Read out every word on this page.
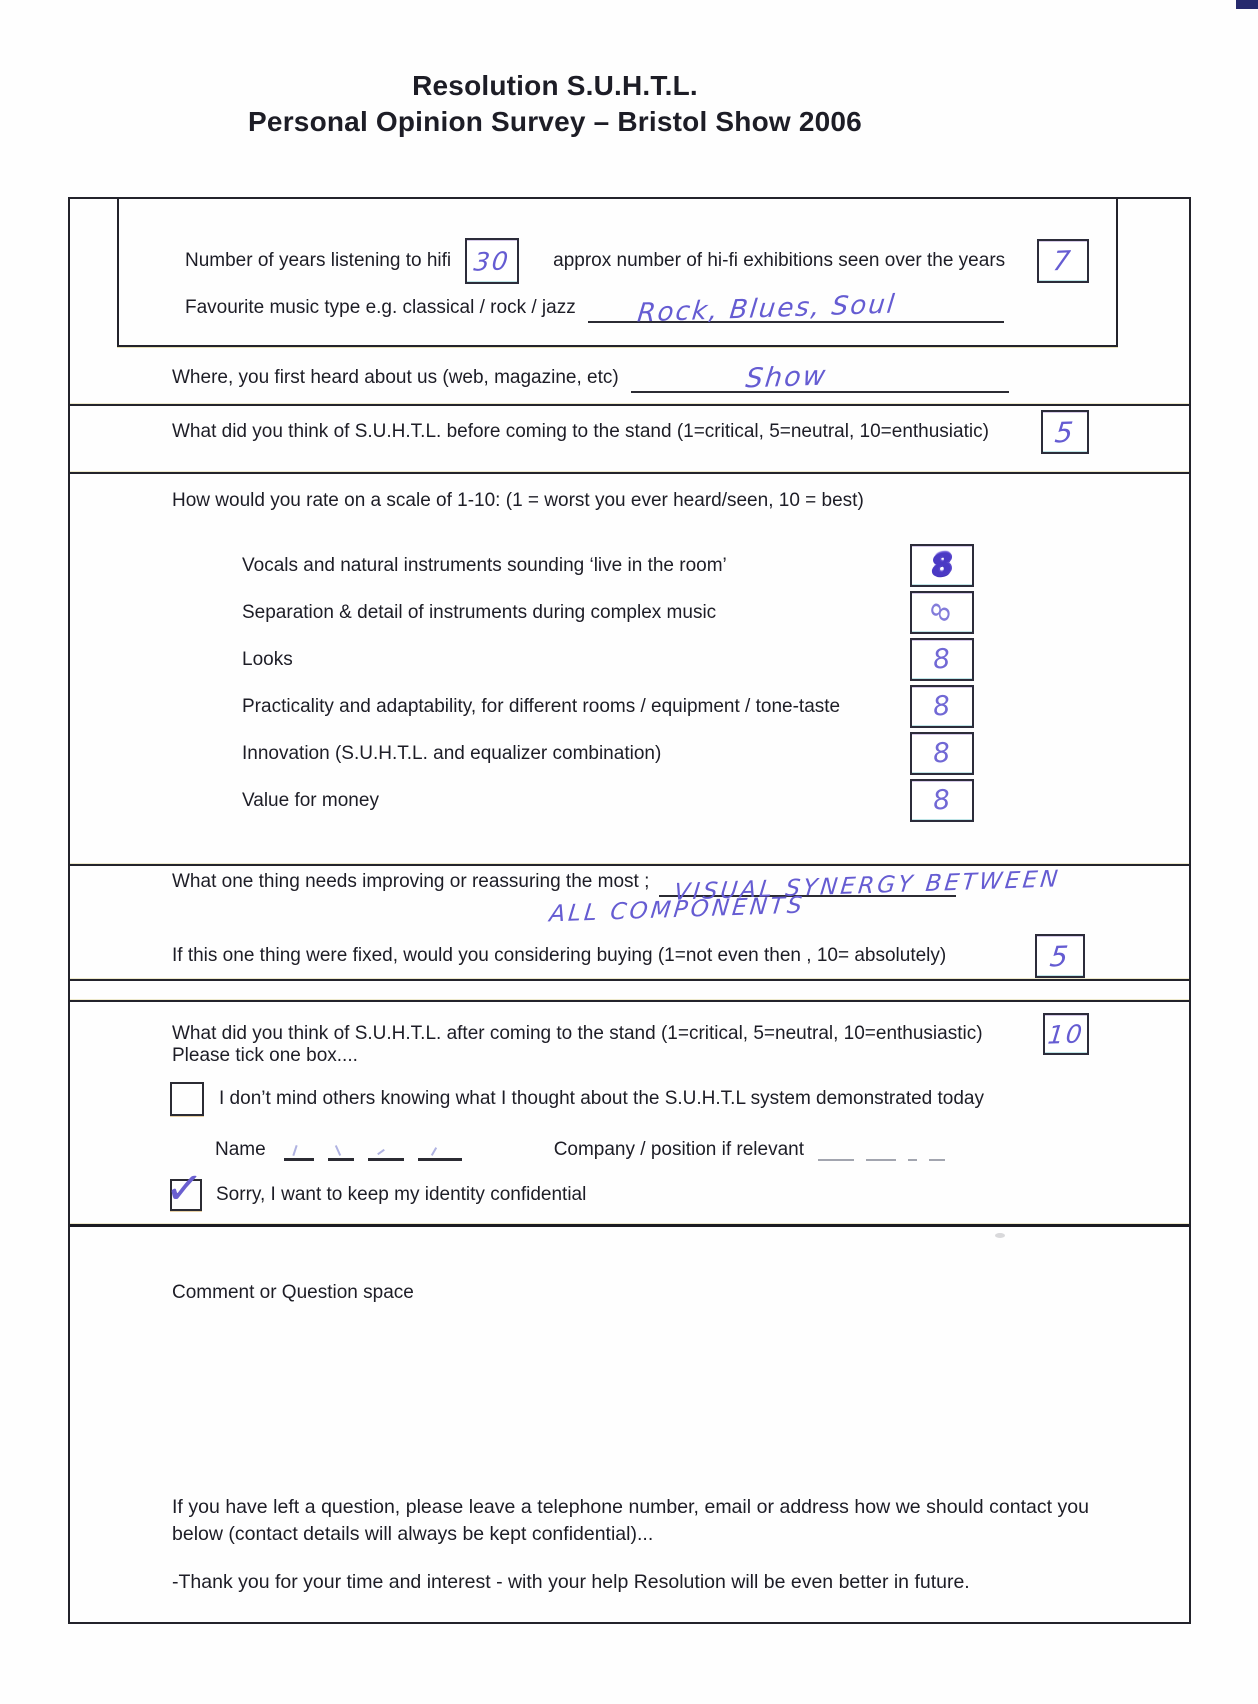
Resolution S.U.H.T.L.
Personal Opinion Survey – Bristol Show 2006
Number of years listening to hifi 30 approx number of hi-fi exhibitions seen over the years 7
Favourite music type e.g. classical / rock / jazz Rock, Blues, Soul
Where, you first heard about us (web, magazine, etc)	Show
What did you think of S.U.H.T.L. before coming to the stand (1=critical, 5=neutral, 10=enthusiatic) 5
How would you rate on a scale of 1-10: (1 = worst you ever heard/seen, 10 = best)
Vocals and natural instruments sounding ‘live in the room’	8
Separation & detail of instruments during complex music	8
Looks	8
Practicality and adaptability, for different rooms / equipment / tone-taste	8
Innovation (S.U.H.T.L. and equalizer combination)	8
Value for money	8
What one thing needs improving or reassuring the most ; VISUAL SYNERGY BETWEEN
ALL COMPONENTS
If this one thing were fixed, would you considering buying (1=not even then , 10= absolutely)	5
What did you think of S.U.H.T.L. after coming to the stand (1=critical, 5=neutral, 10=enthusiastic)	10
Please tick one box....
I don’t mind others knowing what I thought about the S.U.H.T.L system demonstrated today
Name	Company / position if relevant
✓ Sorry, I want to keep my identity confidential
Comment or Question space
If you have left a question, please leave a telephone number, email or address how we should contact you below (contact details will always be kept confidential)...
-Thank you for your time and interest - with your help Resolution will be even better in future.
